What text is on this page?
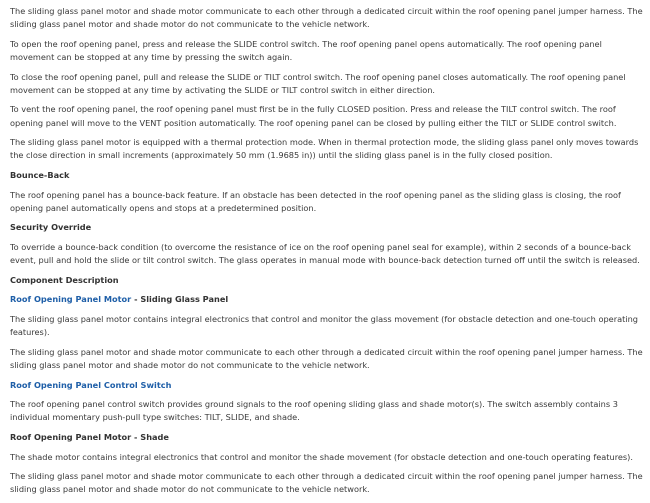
The sliding glass panel motor and shade motor communicate to each other through a dedicated circuit within the roof opening panel jumper harness. The sliding glass panel motor and shade motor do not communicate to the vehicle network.

To open the roof opening panel, press and release the SLIDE control switch. The roof opening panel opens automatically. The roof opening panel movement can be stopped at any time by pressing the switch again.

To close the roof opening panel, pull and release the SLIDE or TILT control switch. The roof opening panel closes automatically. The roof opening panel movement can be stopped at any time by activating the SLIDE or TILT control switch in either direction.

To vent the roof opening panel, the roof opening panel must first be in the fully CLOSED position. Press and release the TILT control switch. The roof opening panel will move to the VENT position automatically. The roof opening panel can be closed by pulling either the TILT or SLIDE control switch.

The sliding glass panel motor is equipped with a thermal protection mode. When in thermal protection mode, the sliding glass panel only moves towards the close direction in small increments (approximately 50 mm (1.9685 in)) until the sliding glass panel is in the fully closed position.

Bounce-Back

The roof opening panel has a bounce-back feature. If an obstacle has been detected in the roof opening panel as the sliding glass is closing, the roof opening panel automatically opens and stops at a predetermined position.

Security Override

To override a bounce-back condition (to overcome the resistance of ice on the roof opening panel seal for example), within 2 seconds of a bounce-back event, pull and hold the slide or tilt control switch. The glass operates in manual mode with bounce-back detection turned off until the switch is released.

Component Description
Roof Opening Panel Motor - Sliding Glass Panel

The sliding glass panel motor contains integral electronics that control and monitor the glass movement (for obstacle detection and one-touch operating features).

The sliding glass panel motor and shade motor communicate to each other through a dedicated circuit within the roof opening panel jumper harness. The sliding glass panel motor and shade motor do not communicate to the vehicle network.

Roof Opening Panel Control Switch

The roof opening panel control switch provides ground signals to the roof opening sliding glass and shade motor(s). The switch assembly contains 3 individual momentary push-pull type switches: TILT, SLIDE, and shade.

Roof Opening Panel Motor - Shade

The shade motor contains integral electronics that control and monitor the shade movement (for obstacle detection and one-touch operating features).

The sliding glass panel motor and shade motor communicate to each other through a dedicated circuit within the roof opening panel jumper harness. The sliding glass panel motor and shade motor do not communicate to the vehicle network.
